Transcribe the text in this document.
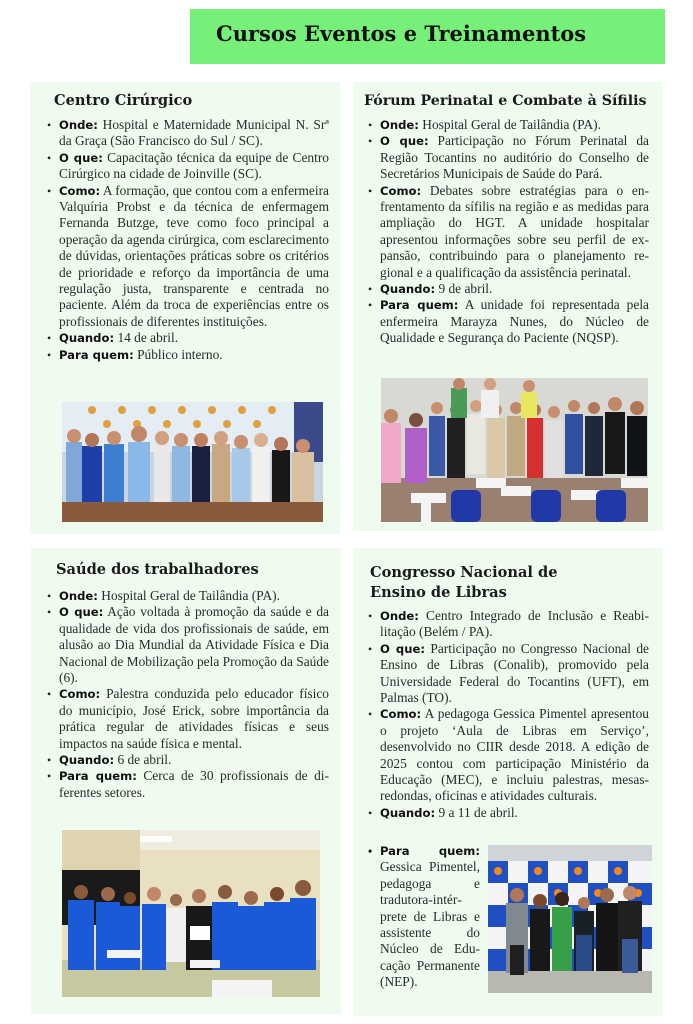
Cursos Eventos e Treinamentos
Centro Cirúrgico
• Onde: Hospital e Maternidade Municipal N. Srª da Graça (São Francisco do Sul / SC).
• O que: Capacitação técnica da equipe de Centro Cirúrgico na cidade de Joinville (SC).
• Como: A formação, que contou com a enfermeira Valquíria Probst e da técnica de enfermagem Fernanda Butzge, teve como foco principal a operação da agenda cirúrgica, com esclarecimento de dúvidas, orientações práticas sobre os critérios de prioridade e reforço da importância de uma regulação justa, transparente e centrada no paciente. Além da troca de experiências entre os profissionais de diferentes instituições.
• Quando: 14 de abril.
• Para quem: Público interno.
Fórum Perinatal e Combate à Sífilis
• Onde: Hospital Geral de Tailândia (PA).
• O que: Participação no Fórum Perinatal da Região Tocantins no auditório do Conselho de Secretários Municipais de Saúde do Pará.
• Como: Debates sobre estratégias para o enfrentamento da sífilis na região e as medidas para ampliação do HGT. A unidade hospitalar apresentou informações sobre seu perfil de expansão, contribuindo para o planejamento regional e a qualificação da assistência perinatal.
• Quando: 9 de abril.
• Para quem: A unidade foi representada pela enfermeira Marayza Nunes, do Núcleo de Qualidade e Segurança do Paciente (NQSP).
Saúde dos trabalhadores
• Onde: Hospital Geral de Tailândia (PA).
• O que: Ação voltada à promoção da saúde e da qualidade de vida dos profissionais de saúde, em alusão ao Dia Mundial da Atividade Física e Dia Nacional de Mobilização pela Promoção da Saúde (6).
• Como: Palestra conduzida pelo educador físico do município, José Erick, sobre importância da prática regular de atividades físicas e seus impactos na saúde física e mental.
• Quando: 6 de abril.
• Para quem: Cerca de 30 profissionais de diferentes setores.
Congresso Nacional de
Ensino de Libras
• Onde: Centro Integrado de Inclusão e Reabilitação (Belém / PA).
• O que: Participação no Congresso Nacional de Ensino de Libras (Conalib), promovido pela Universidade Federal do Tocantins (UFT), em Palmas (TO).
• Como: A pedagoga Gessica Pimentel apresentou o projeto ‘Aula de Libras em Serviço’, desenvolvido no CIIR desde 2018. A edição de 2025 contou com participação Ministério da Educação (MEC), e incluiu palestras, mesas-redondas, oficinas e atividades culturais.
• Quando: 9 a 11 de abril.
• Para	quem:
Gessica Pimentel, pedagoga e tradutora-intérprete de Libras e assistente do Núcleo de Educação Permanente (NEP).
